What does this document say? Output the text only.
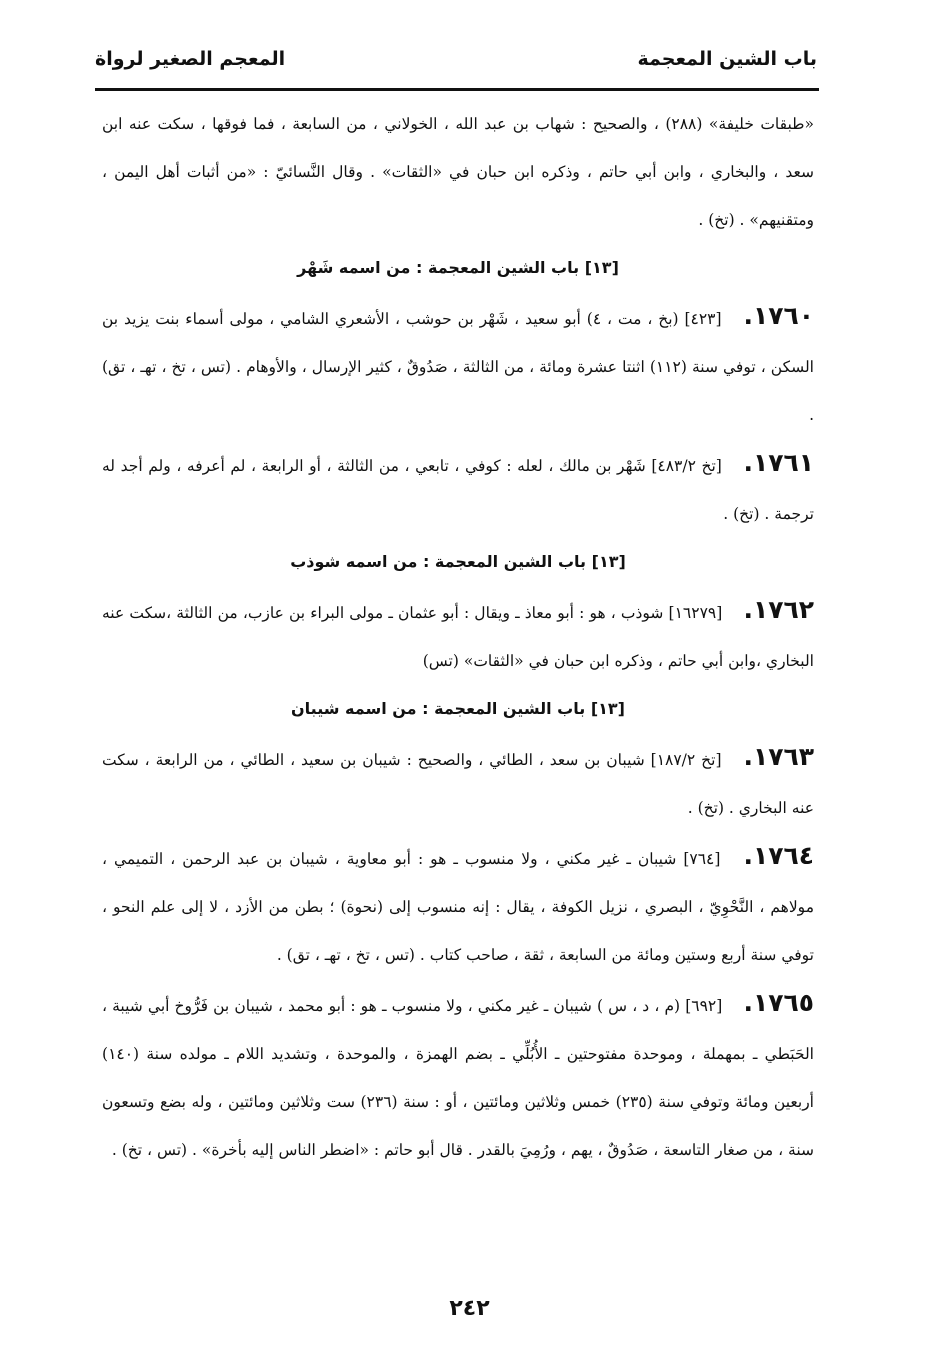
باب الشين المعجمة
المعجم الصغير لرواة

«طبقات خليفة» (٢٨٨) ، والصحيح : شهاب بن عبد الله ، الخولاني ، من السابعة ، فما فوقها ، سكت عنه ابن سعد ، والبخاري ، وابن أبي حاتم ، وذكره ابن حبان في «الثقات» . وقال النَّسائيّ : «من أثبات أهل اليمن ، ومتقنيهم» . (تخ) .

[١٣] باب الشين المعجمة : من اسمه شَهْر

١٧٦٠. [٤٢٣] (بخ ، مت ، ٤) أبو سعيد ، شَهْر بن حوشب ، الأشعري الشامي ، مولى أسماء بنت يزيد بن السكن ، توفي سنة (١١٢) اثنتا عشرة ومائة ، من الثالثة ، صَدُوقٌ ، كثير الإرسال ، والأوهام . (تس ، تخ ، تهـ ، تق) .

١٧٦١. [تخ ٤٨٣/٢] شَهْر بن مالك ، لعله : كوفي ، تابعي ، من الثالثة ، أو الرابعة ، لم أعرفه ، ولم أجد له ترجمة . (تخ) .

[١٣] باب الشين المعجمة : من اسمه شوذب

١٧٦٢. [١٦٢٧٩] شوذب ، هو : أبو معاذ ـ ويقال : أبو عثمان ـ مولى البراء بن عازب، من الثالثة ،سكت عنه البخاري ،وابن أبي حاتم ، وذكره ابن حبان في «الثقات» (تس)

[١٣] باب الشين المعجمة : من اسمه شيبان

١٧٦٣. [تخ ١٨٧/٢] شيبان بن سعد ، الطائي ، والصحيح : شيبان بن سعيد ، الطائي ، من الرابعة ، سكت عنه البخاري . (تخ) .

١٧٦٤. [٧٦٤] شيبان ـ غير مكني ، ولا منسوب ـ هو : أبو معاوية ، شيبان بن عبد الرحمن ، التميمي ، مولاهم ، النَّحْوِيّ ، البصري ، نزيل الكوفة ، يقال : إنه منسوب إلى (نحوة) ؛ بطن من الأزد ، لا إلى علم النحو ، توفي سنة أربع وستين ومائة من السابعة ، ثقة ، صاحب كتاب . (تس ، تخ ، تهـ ، تق) .

١٧٦٥. [٦٩٢] (م ، د ، س ) شيبان ـ غير مكني ، ولا منسوب ـ هو : أبو محمد ، شيبان بن فَرُّوخ أبي شيبة ، الحَبَطي ـ بمهملة ، وموحدة مفتوحتين ـ الأُبُلِّي ـ بضم الهمزة ، والموحدة ، وتشديد اللام ـ مولده سنة (١٤٠) أربعين ومائة وتوفي سنة (٢٣٥) خمس وثلاثين ومائتين ، أو : سنة (٢٣٦) ست وثلاثين ومائتين ، وله بضع وتسعون سنة ، من صغار التاسعة ، صَدُوقٌ ، يهم ، ورُمِيَ بالقدر . قال أبو حاتم : «اضطر الناس إليه بأخرة» . (تس ، تخ) .

٢٤٢
